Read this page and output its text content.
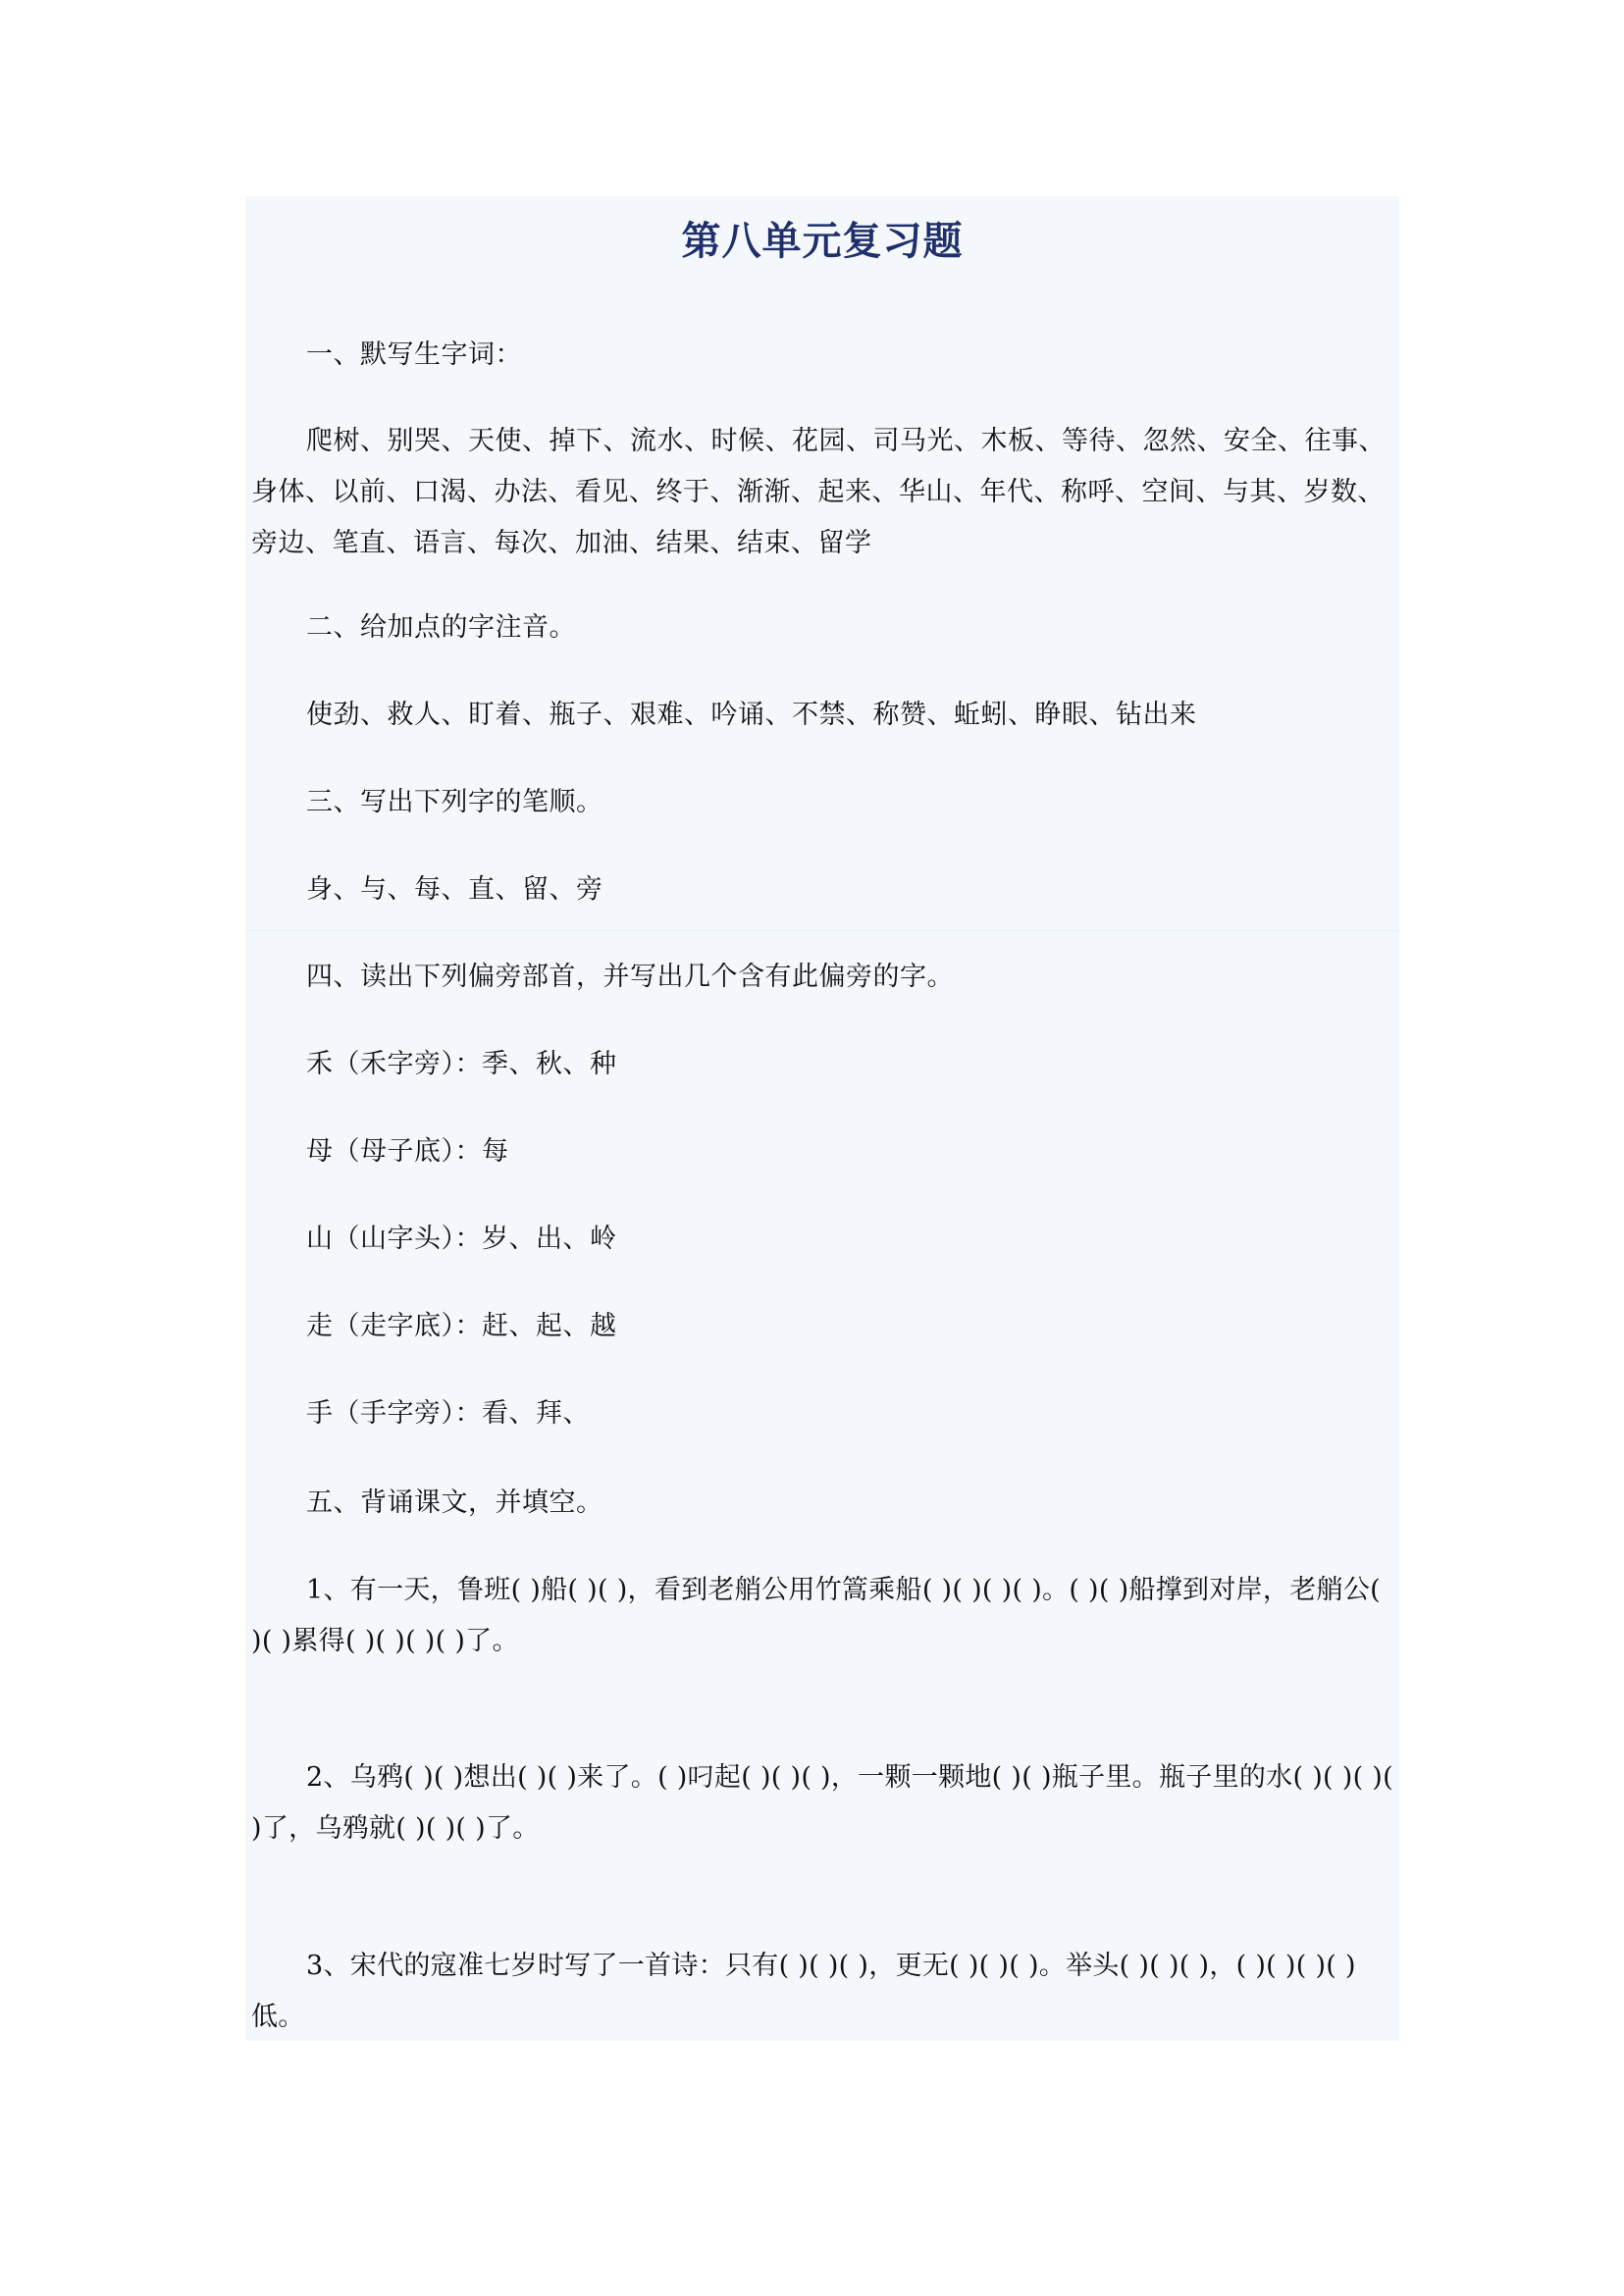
第八单元复习题

一、默写生字词：

爬树、别哭、天使、掉下、流水、时候、花园、司马光、木板、等待、忽然、安全、往事、身体、以前、口渴、办法、看见、终于、渐渐、起来、华山、年代、称呼、空间、与其、岁数、旁边、笔直、语言、每次、加油、结果、结束、留学

二、给加点的字注音。

使劲、救人、盯着、瓶子、艰难、吟诵、不禁、称赞、蚯蚓、睁眼、钻出来

三、写出下列字的笔顺。

身、与、每、直、留、旁

四、读出下列偏旁部首，并写出几个含有此偏旁的字。

禾（禾字旁）：季、秋、种

母（母子底）：每

山（山字头）：岁、出、岭

走（走字底）：赶、起、越

手（手字旁）：看、拜、

五、背诵课文，并填空。

1、有一天，鲁班( )船( )( )，看到老艄公用竹篙乘船( )( )( )( )。( )( )船撑到对岸，老艄公( )( )累得( )( )( )( )了。

2、乌鸦( )( )想出( )( )来了。( )叼起( )( )( )，一颗一颗地( )( )瓶子里。瓶子里的水( )( )( )( )了，乌鸦就( )( )( )了。

3、宋代的寇准七岁时写了一首诗：只有( )( )( )，更无( )( )( )。举头( )( )( )，( )( )( )( )低。
